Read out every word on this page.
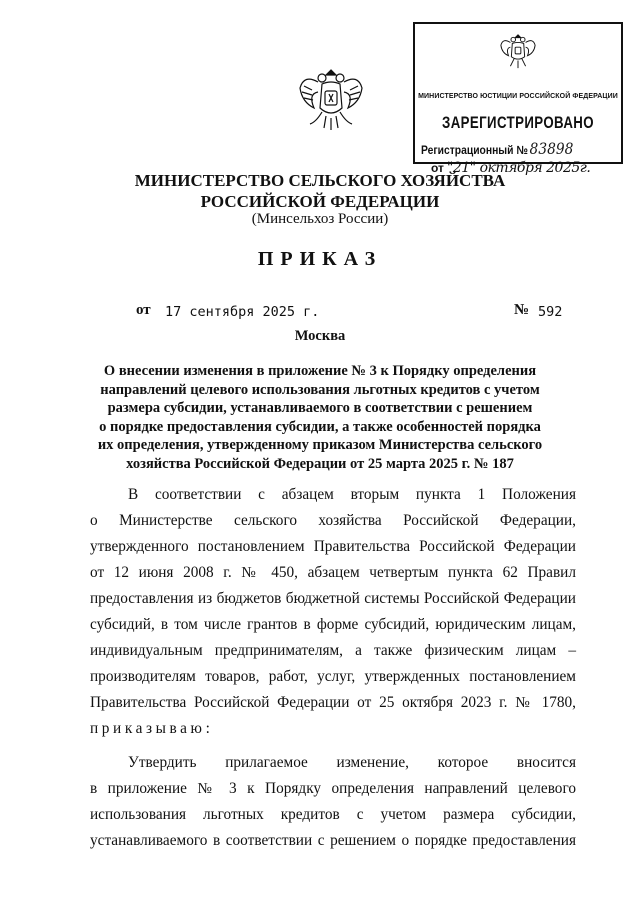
МИНИСТЕРСТВО ЮСТИЦИИ РОССИЙСКОЙ ФЕДЕРАЦИИ
ЗАРЕГИСТРИРОВАНО
Регистрационный № 83898
от "21" октября 2025г.
МИНИСТЕРСТВО СЕЛЬСКОГО ХОЗЯЙСТВА
РОССИЙСКОЙ ФЕДЕРАЦИИ
(Минсельхоз России)
ПРИКАЗ
от 17 сентября 2025 г.	№ 592
Москва
О внесении изменения в приложение № 3 к Порядку определения
направлений целевого использования льготных кредитов с учетом
размера субсидии, устанавливаемого в соответствии с решением
о порядке предоставления субсидии, а также особенностей порядка
их определения, утвержденному приказом Министерства сельского
хозяйства Российской Федерации от 25 марта 2025 г. № 187
В соответствии с абзацем вторым пункта 1 Положения
о Министерстве сельского хозяйства Российской Федерации,
утвержденного постановлением Правительства Российской Федерации
от 12 июня 2008 г. № 450, абзацем четвертым пункта 62 Правил
предоставления из бюджетов бюджетной системы Российской Федерации
субсидий, в том числе грантов в форме субсидий, юридическим лицам,
индивидуальным предпринимателям, а также физическим лицам –
производителям товаров, работ, услуг, утвержденных постановлением
Правительства Российской Федерации от 25 октября 2023 г. № 1780,
приказываю:
Утвердить прилагаемое изменение, которое вносится
в приложение № 3 к Порядку определения направлений целевого
использования льготных кредитов с учетом размера субсидии,
устанавливаемого в соответствии с решением о порядке предоставления
